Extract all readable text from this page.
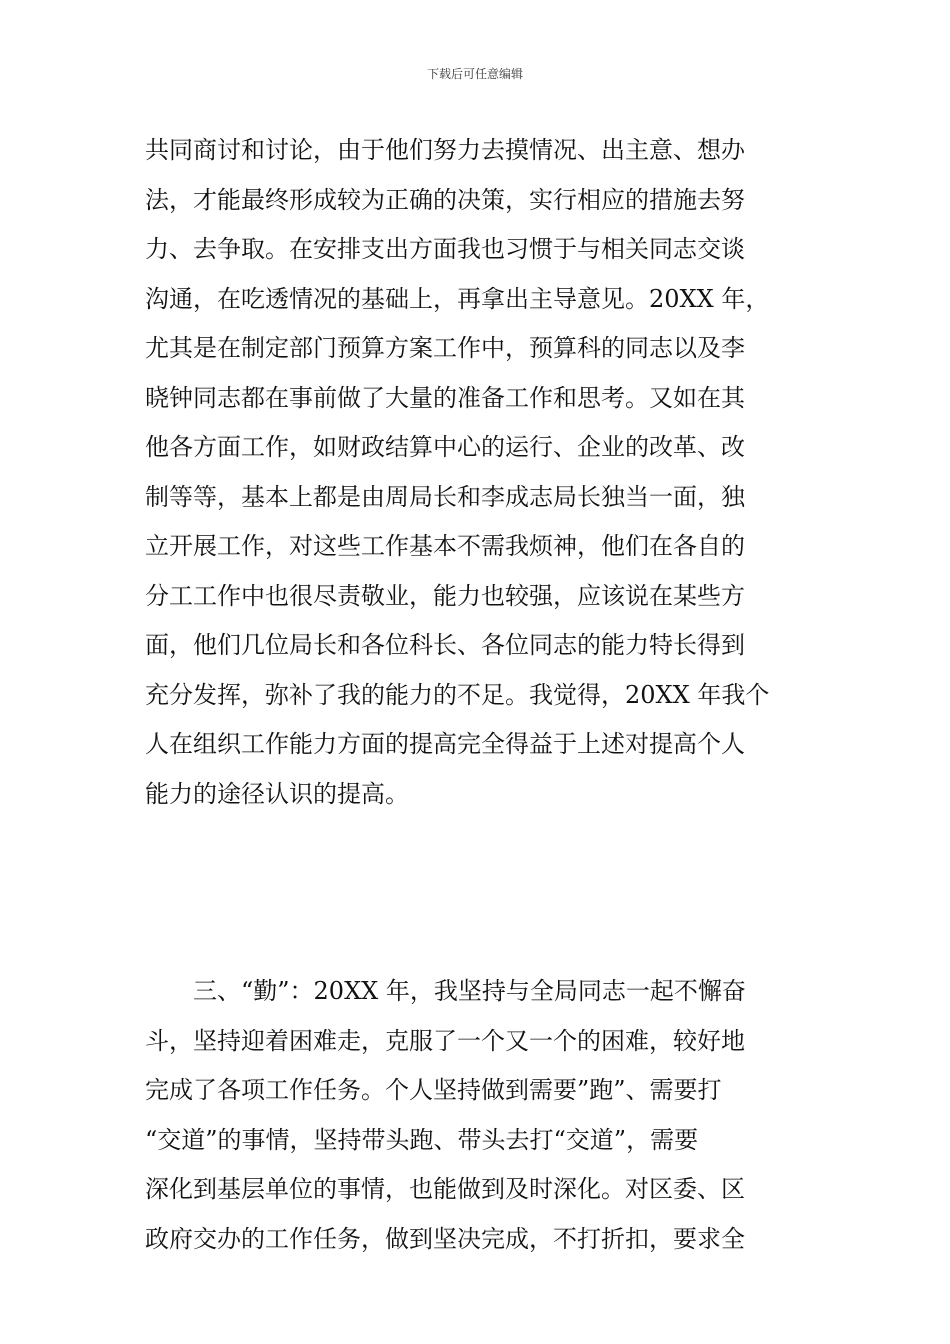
下载后可任意编辑
共同商讨和讨论，由于他们努力去摸情况、出主意、想办
法，才能最终形成较为正确的决策，实行相应的措施去努
力、去争取。在安排支出方面我也习惯于与相关同志交谈
沟通，在吃透情况的基础上，再拿出主导意见。20XX 年，
尤其是在制定部门预算方案工作中，预算科的同志以及李
晓钟同志都在事前做了大量的准备工作和思考。又如在其
他各方面工作，如财政结算中心的运行、企业的改革、改
制等等，基本上都是由周局长和李成志局长独当一面，独
立开展工作，对这些工作基本不需我烦神，他们在各自的
分工工作中也很尽责敬业，能力也较强，应该说在某些方
面，他们几位局长和各位科长、各位同志的能力特长得到
充分发挥，弥补了我的能力的不足。我觉得，20XX 年我个
人在组织工作能力方面的提高完全得益于上述对提高个人
能力的途径认识的提高。
　　三、“勤”：20XX 年，我坚持与全局同志一起不懈奋
斗，坚持迎着困难走，克服了一个又一个的困难，较好地
完成了各项工作任务。个人坚持做到需要”跑”、需要打
“交道”的事情，坚持带头跑、带头去打“交道”，需要
深化到基层单位的事情，也能做到及时深化。对区委、区
政府交办的工作任务，做到坚决完成，不打折扣，要求全
